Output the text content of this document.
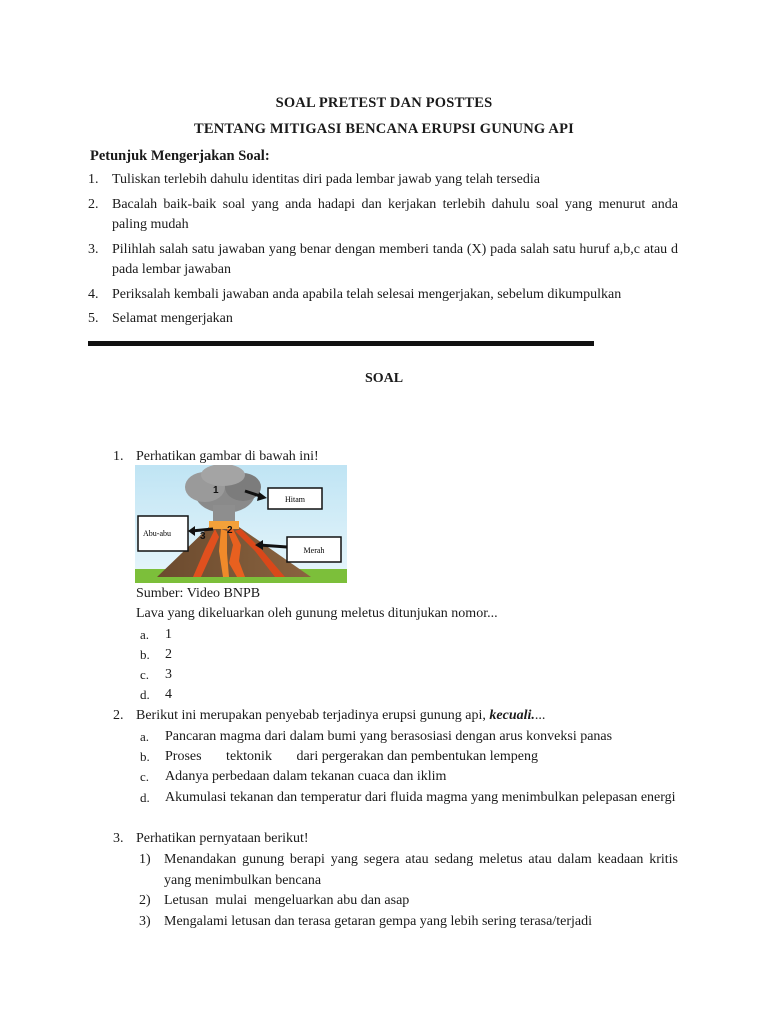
SOAL PRETEST DAN POSTTES
TENTANG MITIGASI BENCANA ERUPSI GUNUNG API
Petunjuk Mengerjakan Soal:
1. Tuliskan terlebih dahulu identitas diri pada lembar jawab yang telah tersedia
2. Bacalah baik-baik soal yang anda hadapi dan kerjakan terlebih dahulu soal yang menurut anda paling mudah
3. Pilihlah salah satu jawaban yang benar dengan memberi tanda (X) pada salah satu huruf a,b,c atau d pada lembar jawaban
4. Periksalah kembali jawaban anda apabila telah selesai mengerjakan, sebelum dikumpulkan
5. Selamat mengerjakan
SOAL
1. Perhatikan gambar di bawah ini!
Hitam
Abu-abu
Merah
1
2
3
Sumber: Video BNPB
Lava yang dikeluarkan oleh gunung meletus ditunjukan nomor...
a. 1
b. 2
c. 3
d. 4
2. Berikut ini merupakan penyebab terjadinya erupsi gunung api, kecuali....
a. Pancaran magma dari dalam bumi yang berasosiasi dengan arus konveksi panas
b. Proses       tektonik       dari pergerakan dan pembentukan lempeng
c. Adanya perbedaan dalam tekanan cuaca dan iklim
d. Akumulasi tekanan dan temperatur dari fluida magma yang menimbulkan pelepasan energi
3. Perhatikan pernyataan berikut!
1) Menandakan gunung berapi yang segera atau sedang meletus atau dalam keadaan kritis yang menimbulkan bencana
2) Letusan  mulai  mengeluarkan abu dan asap
3) Mengalami letusan dan terasa getaran gempa yang lebih sering terasa/terjadi
